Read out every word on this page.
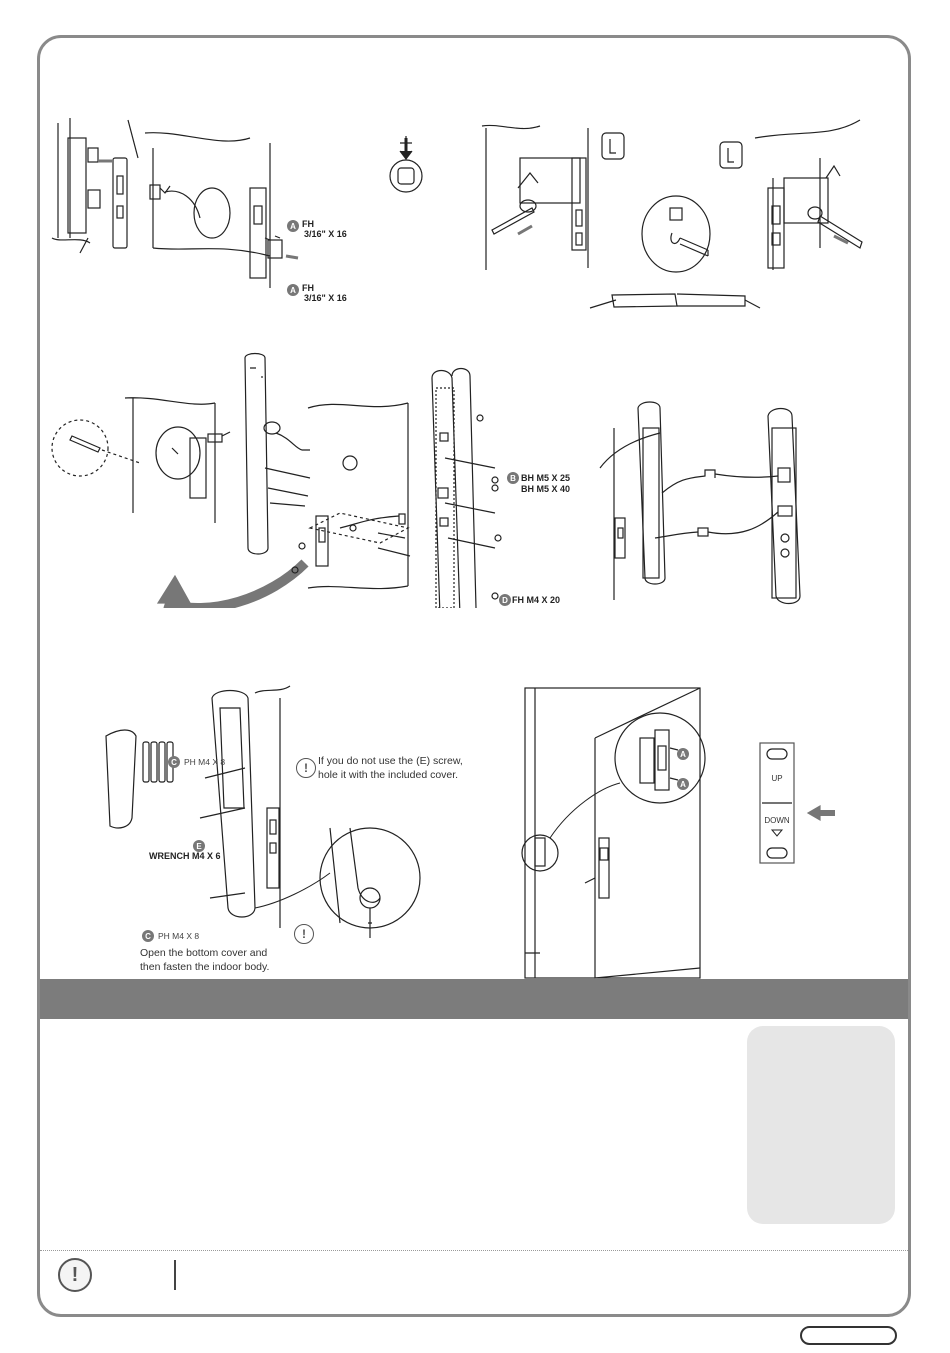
A
A
FH
3/16" X 16
FH
3/16" X 16
B BH M5 X 25
BH M5 X 40
D FH M4 X 20
C PH M4 X 8
E
WRENCH M4 X 6
C PH M4 X 8
A
A
UP
DOWN
! If you do not use the (E) screw,
hole it with the included cover.
!
Open the bottom cover and
then fasten the indoor body.
!
